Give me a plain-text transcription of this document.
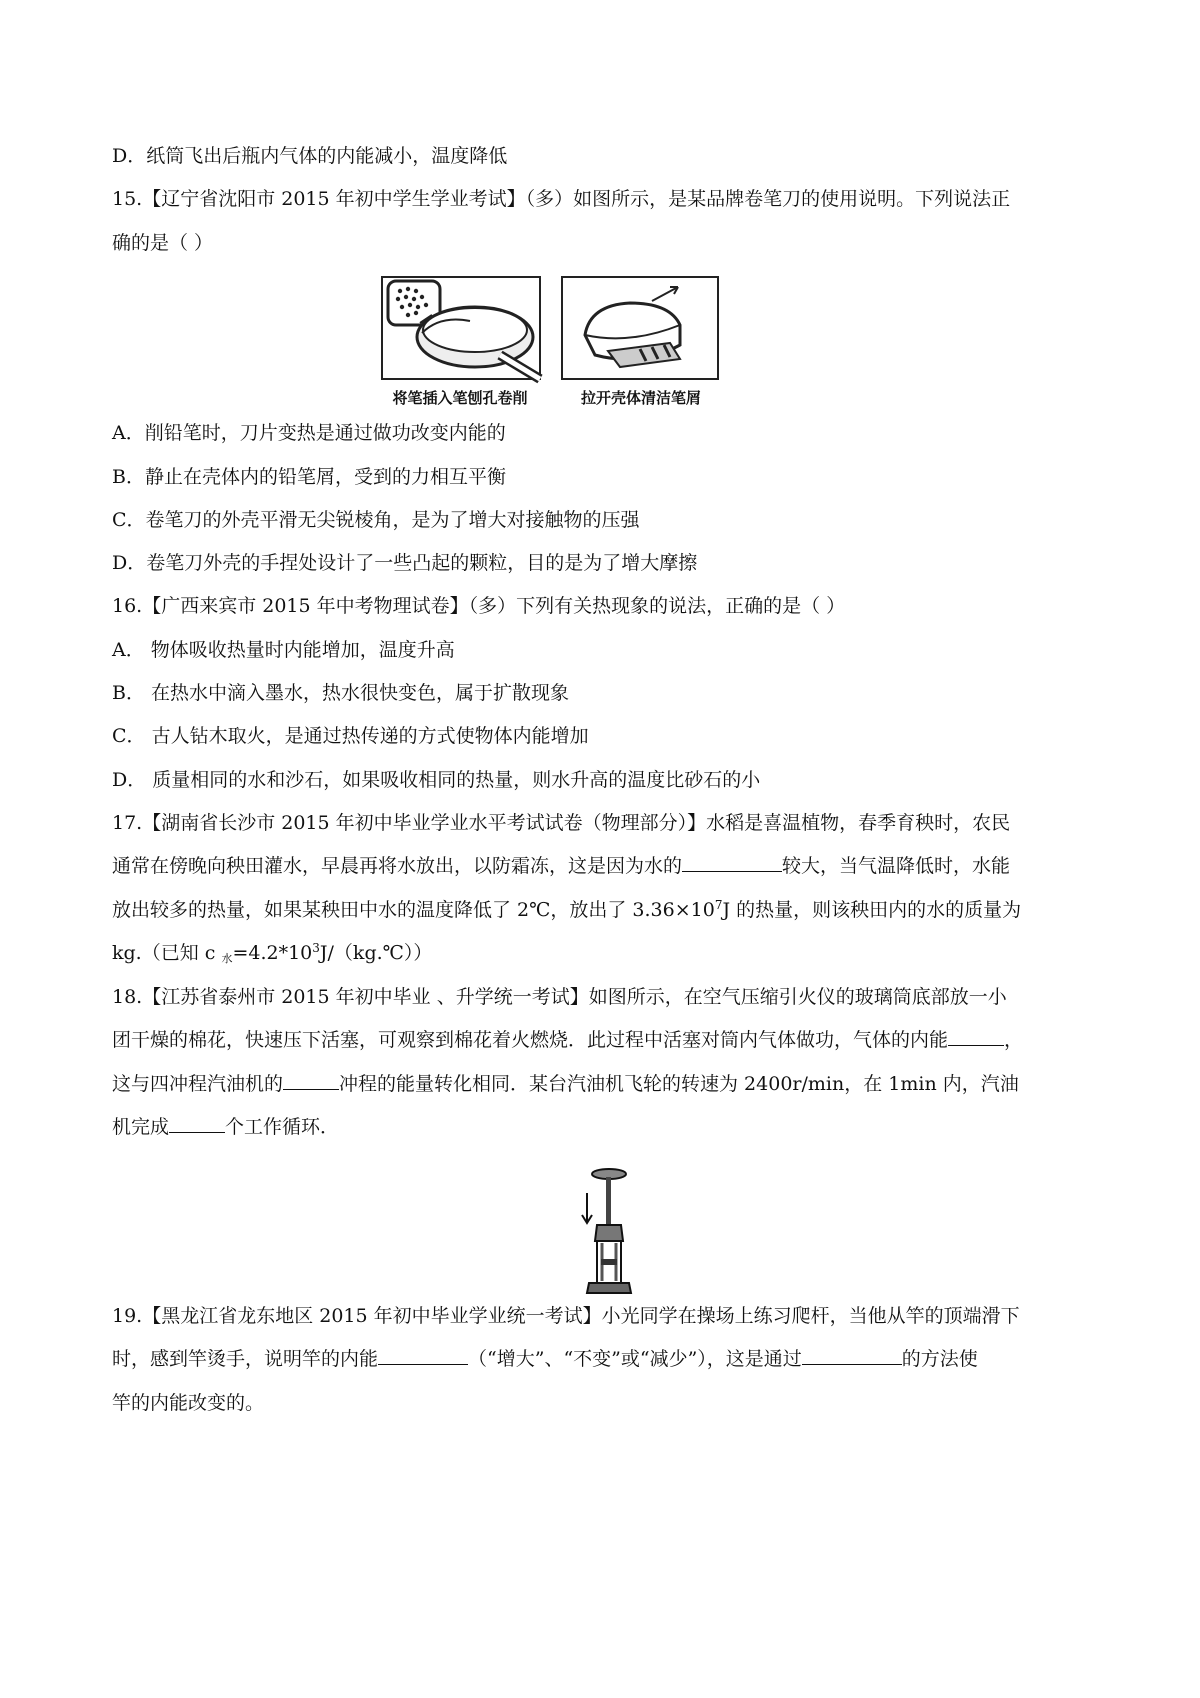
D．纸筒飞出后瓶内气体的内能减小，温度降低
15.【辽宁省沈阳市 2015 年初中学生学业考试】（多）如图所示，是某品牌卷笔刀的使用说明。下列说法正
确的是（ ）
将笔插入笔刨孔卷削	拉开壳体清洁笔屑
A．削铅笔时，刀片变热是通过做功改变内能的
B．静止在壳体内的铅笔屑，受到的力相互平衡
C．卷笔刀的外壳平滑无尖锐棱角，是为了增大对接触物的压强
D．卷笔刀外壳的手捏处设计了一些凸起的颗粒，目的是为了增大摩擦
16.【广西来宾市 2015 年中考物理试卷】（多）下列有关热现象的说法，正确的是（ ）
A． 物体吸收热量时内能增加，温度升高
B． 在热水中滴入墨水，热水很快变色，属于扩散现象
C． 古人钻木取火，是通过热传递的方式使物体内能增加
D． 质量相同的水和沙石，如果吸收相同的热量，则水升高的温度比砂石的小
17.【湖南省长沙市 2015 年初中毕业学业水平考试试卷（物理部分）】水稻是喜温植物，春季育秧时，农民
通常在傍晚向秧田灌水，早晨再将水放出，以防霜冻，这是因为水的	较大，当气温降低时，水能
放出较多的热量，如果某秧田中水的温度降低了 2℃，放出了 $3.36\times 10^7J$ 的热量，则该秧田内的水的质量为
kg.（已知 c $_水=4.2*10^3J/(kg.℃)$）
18.【江苏省泰州市 2015 年初中毕业 、升学统一考试】如图所示，在空气压缩引火仪的玻璃筒底部放一小
团干燥的棉花，快速压下活塞，可观察到棉花着火燃烧．此过程中活塞对筒内气体做功，气体的内能	，
这与四冲程汽油机的	冲程的能量转化相同．某台汽油机飞轮的转速为 2400r/min，在 1min 内，汽油
机完成	个工作循环．
19.【黑龙江省龙东地区 2015 年初中毕业学业统一考试】小光同学在操场上练习爬杆，当他从竿的顶端滑下
时，感到竿烫手，说明竿的内能	（“增大”、“不变”或“减少”），这是通过	的方法使
竿的内能改变的。
